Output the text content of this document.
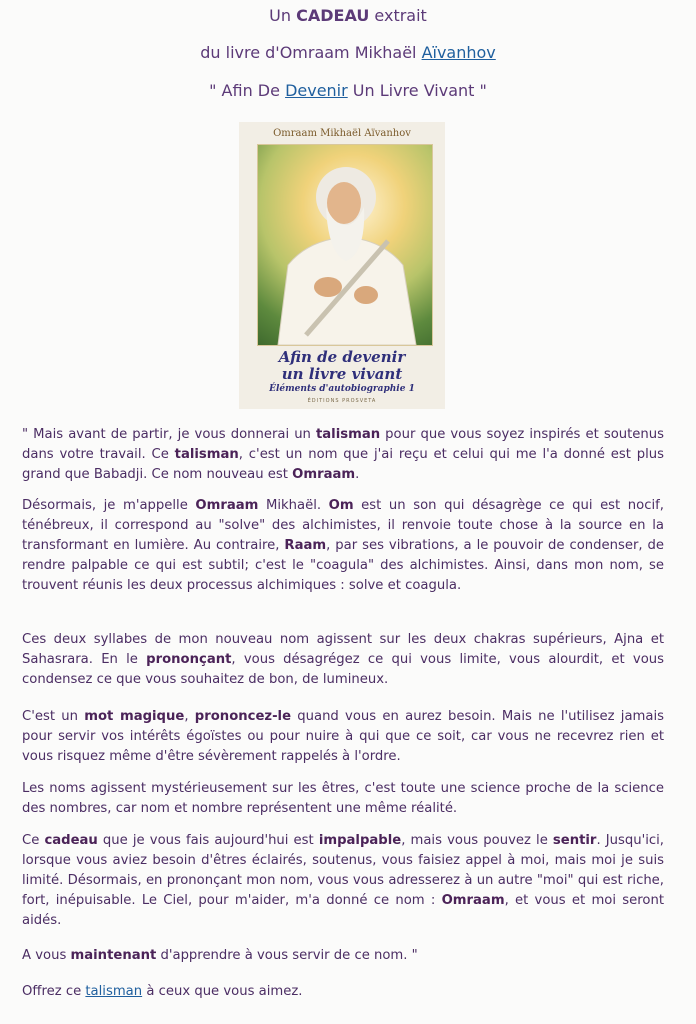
Un CADEAU extrait
du livre d'Omraam Mikhaël Aïvanhov
" Afin De Devenir Un Livre Vivant "
Omraam Mikhaël Aïvanhov
Afin de devenir
un livre vivant
Éléments d'autobiographie 1
ÉDITIONS PROSVETA
" Mais avant de partir, je vous donnerai un talisman pour que vous soyez inspirés et soutenus dans votre travail. Ce talisman, c'est un nom que j'ai reçu et celui qui me l'a donné est plus grand que Babadji. Ce nom nouveau est Omraam.
Désormais, je m'appelle Omraam Mikhaël. Om est un son qui désagrège ce qui est nocif, ténébreux, il correspond au "solve" des alchimistes, il renvoie toute chose à la source en la transformant en lumière. Au contraire, Raam, par ses vibrations, a le pouvoir de condenser, de rendre palpable ce qui est subtil; c'est le "coagula" des alchimistes. Ainsi, dans mon nom, se trouvent réunis les deux processus alchimiques : solve et coagula.
Ces deux syllabes de mon nouveau nom agissent sur les deux chakras supérieurs, Ajna et Sahasrara. En le prononçant, vous désagrégez ce qui vous limite, vous alourdit, et vous condensez ce que vous souhaitez de bon, de lumineux.
C'est un mot magique, prononcez-le quand vous en aurez besoin. Mais ne l'utilisez jamais pour servir vos intérêts égoïstes ou pour nuire à qui que ce soit, car vous ne recevrez rien et vous risquez même d'être sévèrement rappelés à l'ordre.
Les noms agissent mystérieusement sur les êtres, c'est toute une science proche de la science des nombres, car nom et nombre représentent une même réalité.
Ce cadeau que je vous fais aujourd'hui est impalpable, mais vous pouvez le sentir. Jusqu'ici, lorsque vous aviez besoin d'êtres éclairés, soutenus, vous faisiez appel à moi, mais moi je suis limité. Désormais, en prononçant mon nom, vous vous adresserez à un autre "moi" qui est riche, fort, inépuisable. Le Ciel, pour m'aider, m'a donné ce nom : Omraam, et vous et moi seront aidés.
A vous maintenant d'apprendre à vous servir de ce nom. "
Offrez ce talisman à ceux que vous aimez.
